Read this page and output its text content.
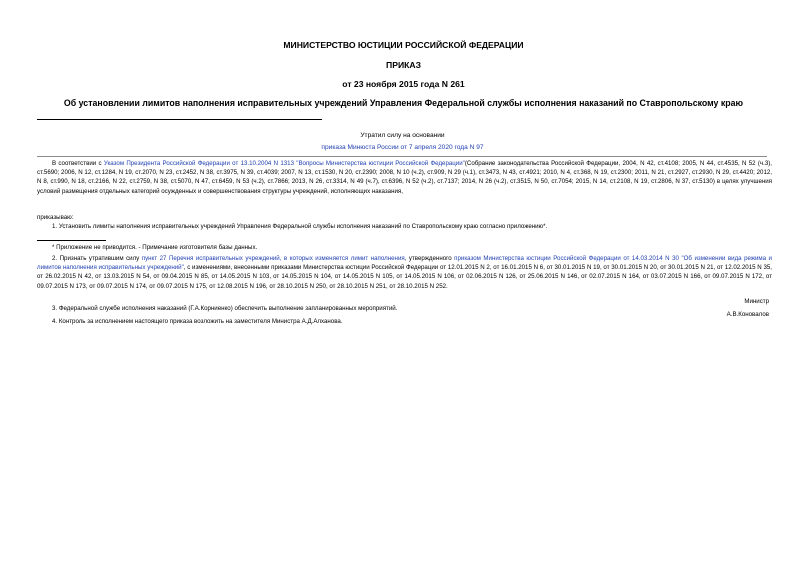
МИНИСТЕРСТВО ЮСТИЦИИ РОССИЙСКОЙ ФЕДЕРАЦИИ
ПРИКАЗ
от 23 ноября 2015 года N 261
Об установлении лимитов наполнения исправительных учреждений Управления Федеральной службы исполнения наказаний по Ставропольскому краю
Утратил силу на основании
приказа Минюста России от 7 апреля 2020 года N 97
В соответствии с Указом Президента Российской Федерации от 13.10.2004 N 1313 "Вопросы Министерства юстиции Российской Федерации"(Собрание законодательства Российской Федерации, 2004, N 42, ст.4108; 2005, N 44, ст.4535, N 52 (ч.3), ст.5690; 2006, N 12, ст.1284, N 19, ст.2070, N 23, ст.2452, N 38, ст.3975, N 39, ст.4039; 2007, N 13, ст.1530, N 20, ст.2390; 2008, N 10 (ч.2), ст.909, N 29 (ч.1), ст.3473, N 43, ст.4921; 2010, N 4, ст.368, N 19, ст.2300; 2011, N 21, ст.2927, ст.2930, N 29, ст.4420; 2012, N 8, ст.990, N 18, ст.2166, N 22, ст.2759, N 38, ст.5070, N 47, ст.6459, N 53 (ч.2), ст.7866; 2013, N 26, ст.3314, N 49 (ч.7), ст.6396, N 52 (ч.2), ст.7137; 2014, N 26 (ч.2), ст.3515, N 50, ст.7054; 2015, N 14, ст.2108, N 19, ст.2806, N 37, ст.5130) в целях улучшения условий размещения отдельных категорий осужденных и совершенствования структуры учреждений, исполняющих наказания,
приказываю:
1. Установить лимиты наполнения исправительных учреждений Управления Федеральной службы исполнения наказаний по Ставропольскому краю согласно приложению*.
* Приложение не приводится. - Примечание изготовителя базы данных.
2. Признать утратившим силу пункт 27 Перечня исправительных учреждений, в которых изменяется лимит наполнения, утвержденного приказом Министерства юстиции Российской Федерации от 14.03.2014 N 30 "Об изменении вида режима и лимитов наполнения исправительных учреждений", с изменениями, внесенными приказами Министерства юстиции Российской Федерации от 12.01.2015 N 2, от 16.01.2015 N 6, от 30.01.2015 N 19, от 30.01.2015 N 20, от 30.01.2015 N 21, от 12.02.2015 N 35, от 26.02.2015 N 42, от 13.03.2015 N 54, от 09.04.2015 N 85, от 14.05.2015 N 103, от 14.05.2015 N 104, от 14.05.2015 N 105, от 14.05.2015 N 106, от 02.06.2015 N 126, от 25.06.2015 N 146, от 02.07.2015 N 164, от 03.07.2015 N 166, от 09.07.2015 N 172, от 09.07.2015 N 173, от 09.07.2015 N 174, от 09.07.2015 N 175, от 12.08.2015 N 196, от 28.10.2015 N 250, от 28.10.2015 N 251, от 28.10.2015 N 252.
Министр
3. Федеральной службе исполнения наказаний (Г.А.Корниенко) обеспечить выполнение запланированных мероприятий.
А.В.Коновалов
4. Контроль за исполнением настоящего приказа возложить на заместителя Министра А.Д.Алханова.
